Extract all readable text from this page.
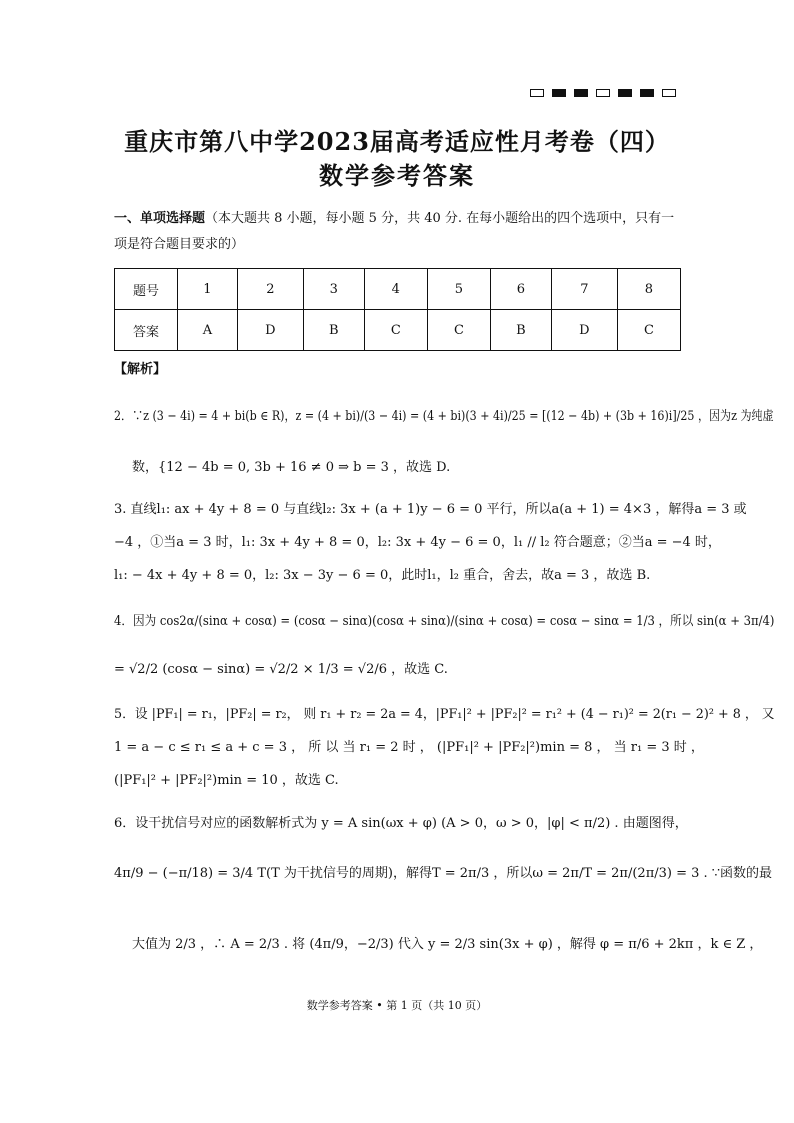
重庆市第八中学2023届高考适应性月考卷（四）
数学参考答案
一、单项选择题（本大题共 8 小题，每小题 5 分，共 40 分. 在每小题给出的四个选项中，只有一项是符合题目要求的）
题号	1	2	3	4	5	6	7	8
答案	A	D	B	C	C	B	D	C
【解析】
2．∵z (3 − 4i) = 4 + bi(b ∈ R)，z = (4 + bi)/(3 − 4i) = (4 + bi)(3 + 4i)/25 = [(12 − 4b) + (3b + 16)i]/25 ，因为z 为纯虚
数，{12 − 4b = 0, 3b + 16 ≠ 0 ⇒ b = 3 ，故选 D.
3. 直线l₁: ax + 4y + 8 = 0 与直线l₂: 3x + (a + 1)y − 6 = 0 平行，所以a(a + 1) = 4×3 ，解得a = 3 或
−4 ，①当a = 3 时，l₁: 3x + 4y + 8 = 0，l₂: 3x + 4y − 6 = 0，l₁ // l₂ 符合题意；②当a = −4 时，
l₁: − 4x + 4y + 8 = 0，l₂: 3x − 3y − 6 = 0，此时l₁，l₂ 重合，舍去，故a = 3 ，故选 B.
4．因为 cos2α/(sinα + cosα) = (cosα − sinα)(cosα + sinα)/(sinα + cosα) = cosα − sinα = 1/3 ，所以 sin(α + 3π/4)
= √2/2 (cosα − sinα) = √2/2 × 1/3 = √2/6 ，故选 C.
5．设 |PF₁| = r₁，|PF₂| = r₂， 则 r₁ + r₂ = 2a = 4，|PF₁|² + |PF₂|² = r₁² + (4 − r₁)² = 2(r₁ − 2)² + 8 ， 又
1 = a − c ≤ r₁ ≤ a + c = 3 ， 所 以 当 r₁ = 2 时 ， (|PF₁|² + |PF₂|²)min = 8 ， 当 r₁ = 3 时 ，
(|PF₁|² + |PF₂|²)min = 10 ，故选 C.
6．设干扰信号对应的函数解析式为 y = A sin(ωx + φ) (A > 0，ω > 0，|φ| < π/2) . 由题图得，
4π/9 − (−π/18) = 3/4 T(T 为干扰信号的周期)，解得T = 2π/3 ，所以ω = 2π/T = 2π/(2π/3) = 3 . ∵函数的最
大值为 2/3 ，∴ A = 2/3 . 将 (4π/9，−2/3) 代入 y = 2/3 sin(3x + φ) ，解得 φ = π/6 + 2kπ ，k ∈ Z ，
数学参考答案 • 第 1 页（共 10 页）
